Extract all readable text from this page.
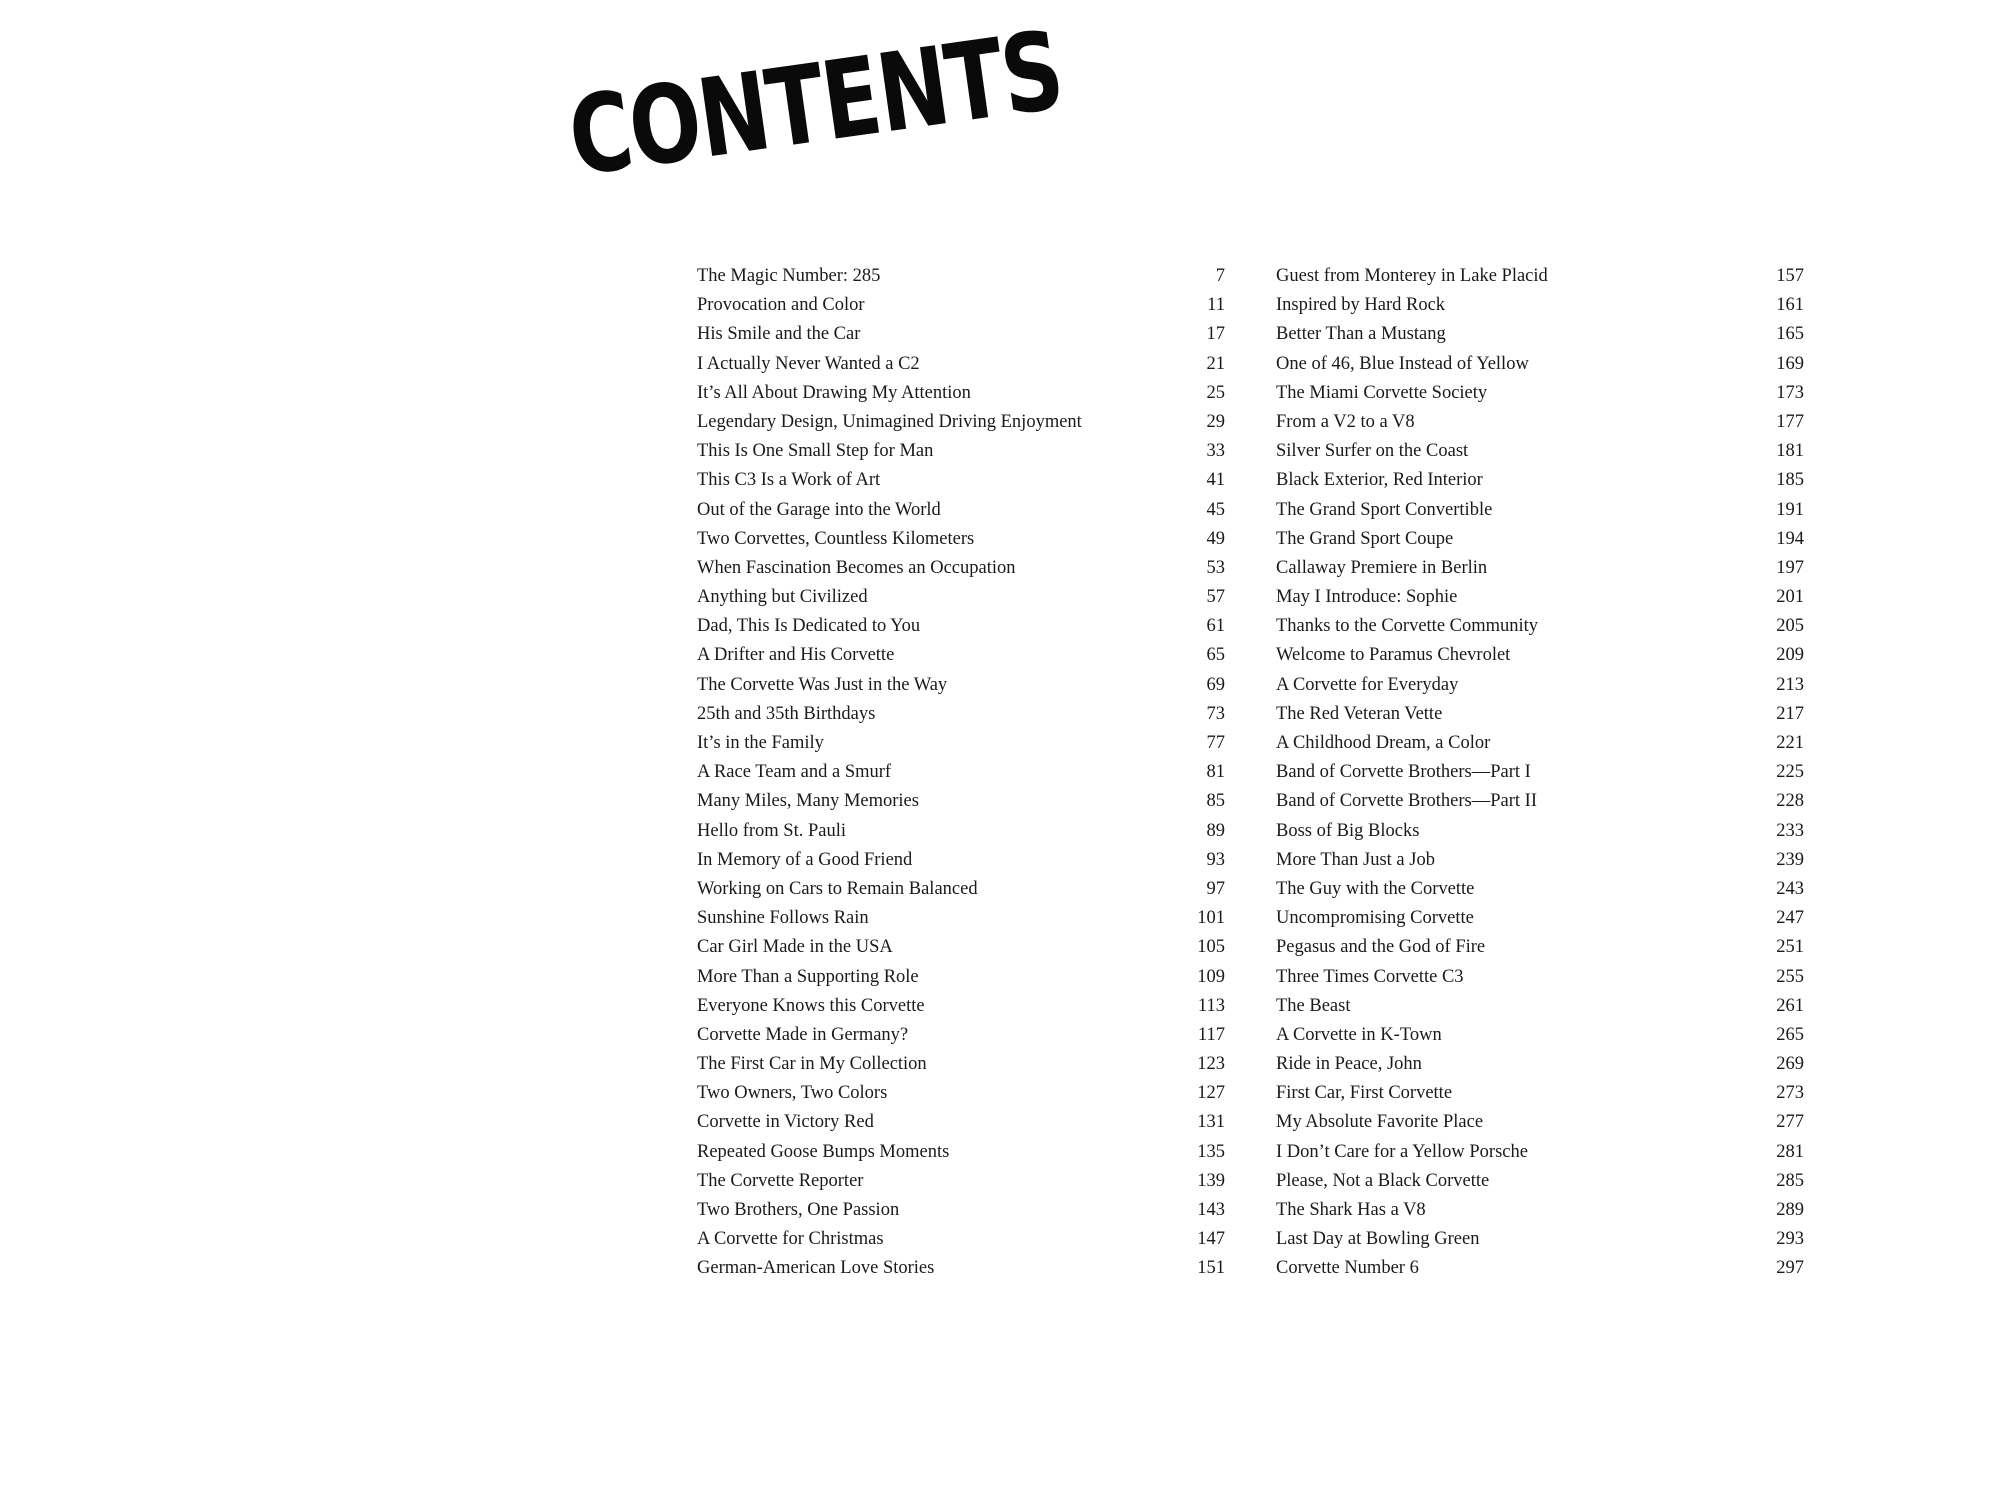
CONTENTS
The Magic Number: 285	7
Provocation and Color	11
His Smile and the Car	17
I Actually Never Wanted a C2	21
It’s All About Drawing My Attention	25
Legendary Design, Unimagined Driving Enjoyment	29
This Is One Small Step for Man	33
This C3 Is a Work of Art	41
Out of the Garage into the World	45
Two Corvettes, Countless Kilometers	49
When Fascination Becomes an Occupation	53
Anything but Civilized	57
Dad, This Is Dedicated to You	61
A Drifter and His Corvette	65
The Corvette Was Just in the Way	69
25th and 35th Birthdays	73
It’s in the Family	77
A Race Team and a Smurf	81
Many Miles, Many Memories	85
Hello from St. Pauli	89
In Memory of a Good Friend	93
Working on Cars to Remain Balanced	97
Sunshine Follows Rain	101
Car Girl Made in the USA	105
More Than a Supporting Role	109
Everyone Knows this Corvette	113
Corvette Made in Germany?	117
The First Car in My Collection	123
Two Owners, Two Colors	127
Corvette in Victory Red	131
Repeated Goose Bumps Moments	135
The Corvette Reporter	139
Two Brothers, One Passion	143
A Corvette for Christmas	147
German-American Love Stories	151
Guest from Monterey in Lake Placid	157
Inspired by Hard Rock	161
Better Than a Mustang	165
One of 46, Blue Instead of Yellow	169
The Miami Corvette Society	173
From a V2 to a V8	177
Silver Surfer on the Coast	181
Black Exterior, Red Interior	185
The Grand Sport Convertible	191
The Grand Sport Coupe	194
Callaway Premiere in Berlin	197
May I Introduce: Sophie	201
Thanks to the Corvette Community	205
Welcome to Paramus Chevrolet	209
A Corvette for Everyday	213
The Red Veteran Vette	217
A Childhood Dream, a Color	221
Band of Corvette Brothers—Part I	225
Band of Corvette Brothers—Part II	228
Boss of Big Blocks	233
More Than Just a Job	239
The Guy with the Corvette	243
Uncompromising Corvette	247
Pegasus and the God of Fire	251
Three Times Corvette C3	255
The Beast	261
A Corvette in K-Town	265
Ride in Peace, John	269
First Car, First Corvette	273
My Absolute Favorite Place	277
I Don’t Care for a Yellow Porsche	281
Please, Not a Black Corvette	285
The Shark Has a V8	289
Last Day at Bowling Green	293
Corvette Number 6	297
